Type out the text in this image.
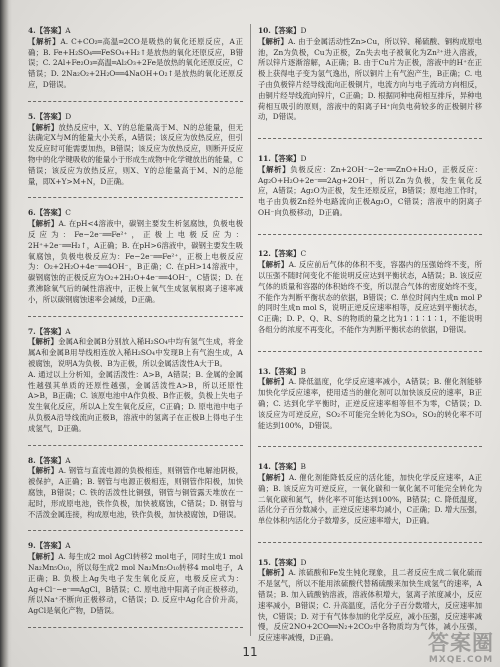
4.【答案】A

【解析】A. C+CO₂═高温═2CO是吸热的氧化还原反应，A正确；B. Fe+H₂SO₄══FeSO₄+H₂↑是放热的氧化还原反应，B错误；C. 2Al+Fe₂O₃═高温═Al₂O₃+2Fe是放热的氧化还原反应，C错误；D. 2Na₂O₂+2H₂O══4NaOH+O₂↑是放热的氧化还原反应，D错误。

5.【答案】D

【解析】放热反应中，X、Y的总能量高于M、N的总能量，但无法确定X与M的能量大小关系，A错误；该反应为放热反应，但引发反应时可能需要加热，B错误；该反应为放热反应，则断开反应物中的化学键吸收的能量小于形成生成物中化学键放出的能量，C错误；该反应为放热反应，则X、Y的总能量高于M、N的总能量，即X+Y>M+N，D正确。

6.【答案】C

【解析】A. 在pH<4溶液中，碳钢主要发生析氢腐蚀，负极电极反应为：Fe−2e⁻══Fe²⁺，正极上电极反应为：2H⁺+2e⁻══H₂↑，A正确；B. 在pH>6溶液中，碳钢主要发生吸氧腐蚀，负极电极反应为：Fe−2e⁻══Fe²⁺，正极上电极反应为：O₂+2H₂O+4e⁻══4OH⁻，B正确；C. 在pH>14溶液中，碳钢腐蚀的正极反应为O₂+2H₂O+4e⁻══4OH⁻，C错误；D. 在煮沸除氧气后的碱性溶液中，正极上氧气生成氢氧根离子速率减小，所以碳钢腐蚀速率会减缓，D正确。

7.【答案】A

【解析】金属A和金属B分别放入稀H₂SO₄中均有氢气生成，将金属A和金属B用导线相连放入稀H₂SO₄中发现B上有气泡生成，A被腐蚀，说明A为负极、B为正极，所以金属活泼性A大于B。

A. 通过以上分析知，金属活泼性：A>B，A错误；B. 金属的金属性越强其单质的还原性越强，金属活泼性A>B，所以还原性A>B，B正确；C. 该原电池中A作负极、B作正极，负极上失电子发生氧化反应，所以A上发生氧化反应，C正确；D. 原电池中电子从负极A沿导线流向正极B，溶液中的氢离子在正极B上得电子生成氢气，D正确。

8.【答案】A

【解析】A. 钢管与直流电源的负极相连，则钢管作电解池阴极，被保护，A正确；B. 钢管与电源正极相连，则钢管作阳极，加快腐蚀，B错误；C. 铁的活泼性比铜强，钢管与铜管露天堆放在一起时，形成原电池，铁作负极，加快被腐蚀，C错误；D. 钢管与不活泼金属连接，构成原电池，铁作负极，加快被腐蚀，D错误。

9.【答案】A

【解析】A. 每生成2 mol AgCl转移2 mol电子，同时生成1 mol Na₂Mn₅O₁₀，所以每生成2 mol Na₂Mn₅O₁₀转移4 mol电子，A正确；B. 负极上Ag失电子发生氧化反应，电极反应式为：Ag+Cl⁻−e⁻══AgCl，B错误；C. 原电池中阳离子向正极移动，所以Na⁺不断向正极移动，C错误；D. 反应中Ag化合价升高，AgCl是氧化产物，D错误。

10.【答案】D

【解析】A. 由于金属活动性Zn>Cu，所以锌、稀硫酸、铜构成原电池，Zn为负极，Cu为正极，Zn失去电子被氧化为Zn²⁺进入溶液，所以锌片逐渐溶解，A正确；B. 由于Cu片为正极，溶液中的H⁺在正极上获得电子变为氢气逸出，所以铜片上有气泡产生，B正确；C. 电子由负极锌片经导线流向正极铜片，电流方向与电子流动方向相反，由铜片经导线流向锌片，C正确；D. 根据同种电荷相互排斥，异种电荷相互吸引的原则，溶液中的阳离子H⁺向负电荷较多的正极铜片移动，D错误。

11.【答案】D

【解析】负极反应：Zn+2OH⁻−2e⁻══ZnO+H₂O，正极反应：Ag₂O+H₂O+2e⁻══2Ag+2OH⁻，所以Zn为负极，发生氧化反应，A错误；Ag₂O为正极，发生还原反应，B错误；原电池工作时，电子由负极Zn经外电路流向正极Ag₂O，C错误；溶液中的阴离子OH⁻向负极移动，D正确。

12.【答案】C

【解析】A. 反应前后气体的体积不变，容器内的压强始终不变，所以压强不随时间变化不能说明反应达到平衡状态，A错误；B. 该反应气体的质量和容器的体积始终不变，所以混合气体的密度始终不变，不能作为判断平衡状态的依据，B错误；C. 单位时间内生成n mol P的同时生成n mol S，说明正逆反应速率相等，反应达到平衡状态，C正确；D. P、Q、R、S的物质的量之比为1∶1∶1∶1，不能说明各组分的浓度不再变化，不能作为判断平衡状态的依据，D错误。

13.【答案】B

【解析】A. 降低温度，化学反应速率减小，A错误；B. 催化剂能够加快化学反应速率，使用适当的催化剂可以加快该反应的速率，B正确；C. 达到化学平衡时，正逆反应速率相等但不为零，C错误；D. 该反应为可逆反应，SO₂不可能完全转化为SO₃，SO₂的转化率不可能达到100%，D错误。

14.【答案】B

【解析】A. 催化剂能降低反应的活化能，加快化学反应速率，A正确；B. 该反应为可逆反应，一氧化碳和一氧化氮不可能完全转化为二氧化碳和氮气，转化率不可能达到100%，B错误；C. 降低温度，活化分子百分数减小，正逆反应速率均减小，C正确；D. 增大压强，单位体积内活化分子数增多，反应速率增大，D正确。

15.【答案】D

【解析】A. 浓硫酸和Fe发生钝化现象，且二者反应生成二氧化硫而不是氢气，所以不能用浓硫酸代替稀硫酸来加快生成氢气的速率，A错误；B. 加入硫酸钠溶液，溶液体积增大，氢离子浓度减小，反应速率减小，B错误；C. 升高温度，活化分子百分数增大，反应速率加快，C错误；D. 对于有气体参加的化学反应，减小压强，反应速率减慢，反应2NO+2CO══N₂+2CO₂中各物质均为气体，减小压强，反应速率减慢，D正确。

11	答案圈
MXQE.COM
